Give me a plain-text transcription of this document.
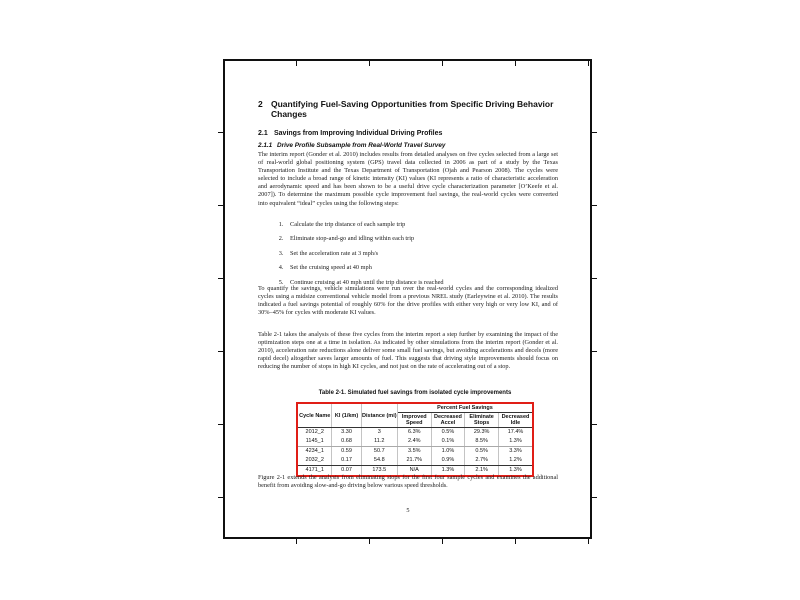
2 Quantifying Fuel-Saving Opportunities from Specific Driving Behavior Changes
2.1 Savings from Improving Individual Driving Profiles
2.1.1 Drive Profile Subsample from Real-World Travel Survey

The interim report (Gonder et al. 2010) includes results from detailed analyses on five cycles selected from a large set of real-world global positioning system (GPS) travel data collected in 2006 as part of a study by the Texas Transportation Institute and the Texas Department of Transportation (Ojah and Pearson 2008). The cycles were selected to include a broad range of kinetic intensity (KI) values (KI represents a ratio of characteristic acceleration and aerodynamic speed and has been shown to be a useful drive cycle characterization parameter [O’Keefe et al. 2007]). To determine the maximum possible cycle improvement fuel savings, the real-world cycles were converted into equivalent “ideal” cycles using the following steps:

1. Calculate the trip distance of each sample trip
2. Eliminate stop-and-go and idling within each trip
3. Set the acceleration rate at 3 mph/s
4. Set the cruising speed at 40 mph
5. Continue cruising at 40 mph until the trip distance is reached

To quantify the savings, vehicle simulations were run over the real-world cycles and the corresponding idealized cycles using a midsize conventional vehicle model from a previous NREL study (Earleywine et al. 2010). The results indicated a fuel savings potential of roughly 60% for the drive profiles with either very high or very low KI, and of 30%–45% for cycles with moderate KI values.

Table 2-1 takes the analysis of these five cycles from the interim report a step further by examining the impact of the optimization steps one at a time in isolation. As indicated by other simulations from the interim report (Gonder et al. 2010), acceleration rate reductions alone deliver some small fuel savings, but avoiding accelerations and decels (more rapid decel) altogether saves larger amounts of fuel. This suggests that driving style improvements should focus on reducing the number of stops in high KI cycles, and not just on the rate of accelerating out of a stop.

Table 2-1. Simulated fuel savings from isolated cycle improvements
Cycle Name	KI (1/km)	Distance (mi)	Percent Fuel Savings			
			Improved Speed	Decreased Accel	Eliminate Stops	Decreased Idle
2012_2	3.30	3	6.3%	0.5%	29.3%	17.4%
1145_1	0.68	11.2	2.4%	0.1%	8.5%	1.3%
4234_1	0.59	50.7	3.5%	1.0%	0.5%	3.3%
2032_2	0.17	54.8	21.7%	0.9%	2.7%	1.2%
4171_1	0.07	173.5	N/A	1.3%	2.1%	1.3%

Figure 2-1 extends the analysis from eliminating stops for the first four sample cycles and examines the additional benefit from avoiding slow-and-go driving below various speed thresholds.

5
